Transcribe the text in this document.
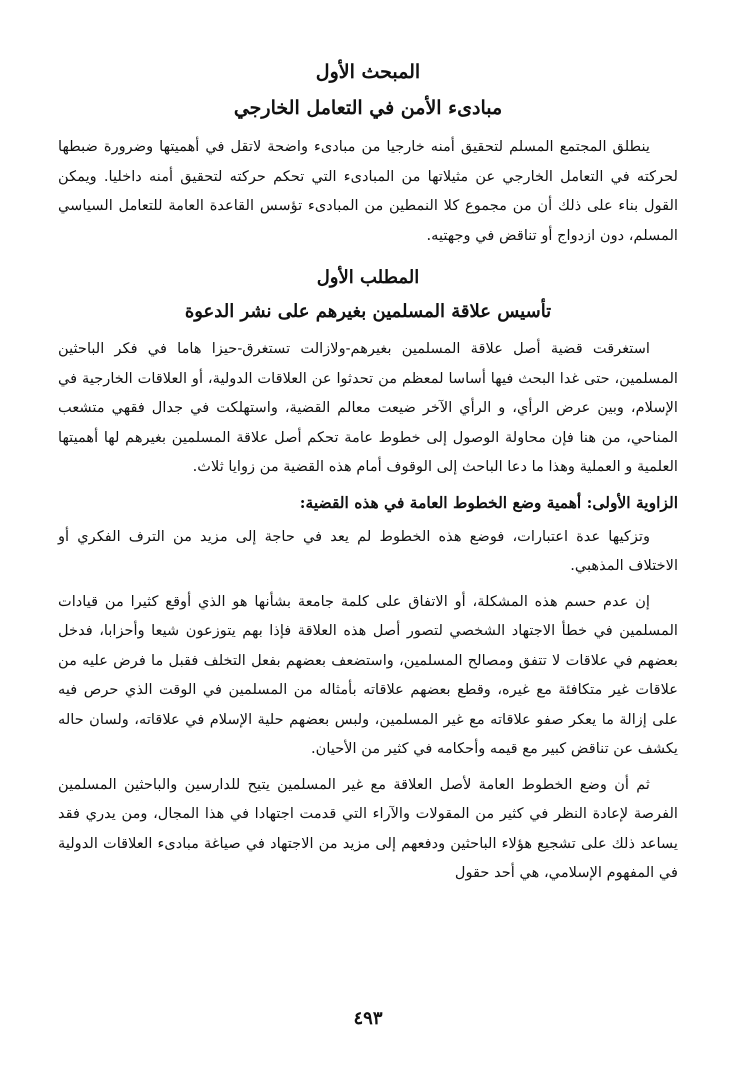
المبحث الأول
مبادىء الأمن في التعامل الخارجي

ينطلق المجتمع المسلم لتحقيق أمنه خارجيا من مبادىء واضحة لاتقل في أهميتها وضرورة ضبطها لحركته في التعامل الخارجي عن مثيلاتها من المبادىء التي تحكم حركته لتحقيق أمنه داخليا. ويمكن القول بناء على ذلك أن من مجموع كلا النمطين من المبادىء تؤسس القاعدة العامة للتعامل السياسي المسلم، دون ازدواج أو تناقض في وجهتيه.

المطلب الأول
تأسيس علاقة المسلمين بغيرهم على نشر الدعوة

استغرقت قضية أصل علاقة المسلمين بغيرهم-ولازالت تستغرق-حيزا هاما في فكر الباحثين المسلمين، حتى غدا البحث فيها أساسا لمعظم من تحدثوا عن العلاقات الدولية، أو العلاقات الخارجية في الإسلام، وبين عرض الرأي، و الرأي الآخر ضيعت معالم القضية، واستهلكت في جدال فقهي متشعب المناحي، من هنا فإن محاولة الوصول إلى خطوط عامة تحكم أصل علاقة المسلمين بغيرهم لها أهميتها العلمية و العملية وهذا ما دعا الباحث إلى الوقوف أمام هذه القضية من زوايا ثلاث.

الزاوية الأولى: أهمية وضع الخطوط العامة في هذه القضية:

وتزكيها عدة اعتبارات، فوضع هذه الخطوط لم يعد في حاجة إلى مزيد من الترف الفكري أو الاختلاف المذهبي.

إن عدم حسم هذه المشكلة، أو الاتفاق على كلمة جامعة بشأنها هو الذي أوقع كثيرا من قيادات المسلمين في خطأ الاجتهاد الشخصي لتصور أصل هذه العلاقة فإذا بهم يتوزعون شيعا وأحزابا، فدخل بعضهم في علاقات لا تتفق ومصالح المسلمين، واستضعف بعضهم بفعل التخلف فقبل ما فرض عليه من علاقات غير متكافئة مع غيره، وقطع بعضهم علاقاته بأمثاله من المسلمين في الوقت الذي حرص فيه على إزالة ما يعكر صفو علاقاته مع غير المسلمين، ولبس بعضهم حلية الإسلام في علاقاته، ولسان حاله يكشف عن تناقض كبير مع قيمه وأحكامه في كثير من الأحيان.

ثم أن وضع الخطوط العامة لأصل العلاقة مع غير المسلمين يتيح للدارسين والباحثين المسلمين الفرصة لإعادة النظر في كثير من المقولات والآراء التي قدمت اجتهادا في هذا المجال، ومن يدري فقد يساعد ذلك على تشجيع هؤلاء الباحثين ودفعهم إلى مزيد من الاجتهاد في صياغة مبادىء العلاقات الدولية في المفهوم الإسلامي، هي أحد حقول

٤٩٣
